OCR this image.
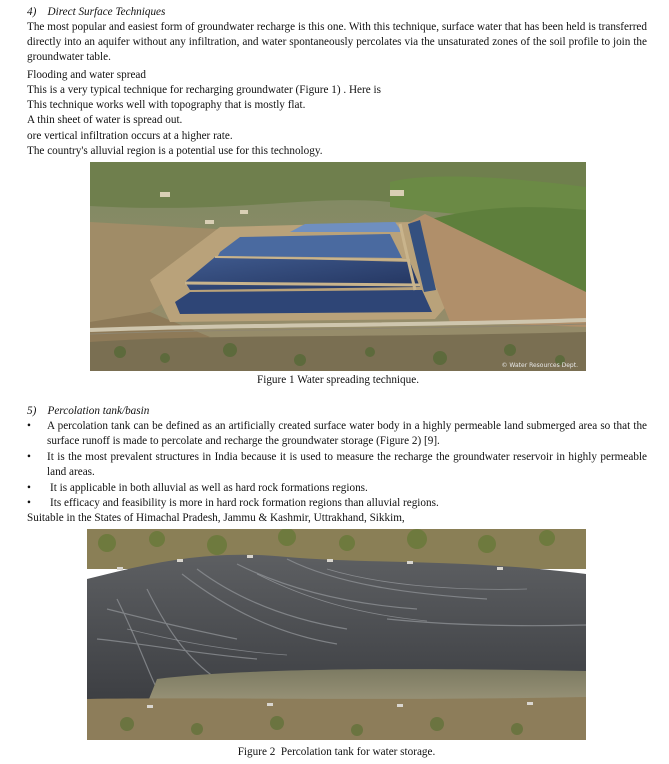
4)    Direct Surface Techniques
The most popular and easiest form of groundwater recharge is this one. With this technique, surface water that has been held is transferred directly into an aquifer without any infiltration, and water spontaneously percolates via the unsaturated zones of the soil profile to join the groundwater table.
Flooding and water spread
This is a very typical technique for recharging groundwater (Figure 1) . Here is
This technique works well with topography that is mostly flat.
A thin sheet of water is spread out.
ore vertical infiltration occurs at a higher rate.
The country's alluvial region is a potential use for this technology.
© Water Resources Dept.
Figure 1 Water spreading technique.
5)    Percolation tank/basin
• A percolation tank can be defined as an artificially created surface water body in a highly permeable land submerged area so that the surface runoff is made to percolate and recharge the groundwater storage (Figure 2) [9].
• It is the most prevalent structures in India because it is used to measure the recharge the groundwater reservoir in highly permeable land areas.
• It is applicable in both alluvial as well as hard rock formations regions.
• Its efficacy and feasibility is more in hard rock formation regions than alluvial regions.
Suitable in the States of Himachal Pradesh, Jammu & Kashmir, Uttrakhand, Sikkim,
Figure 2  Percolation tank for water storage.
